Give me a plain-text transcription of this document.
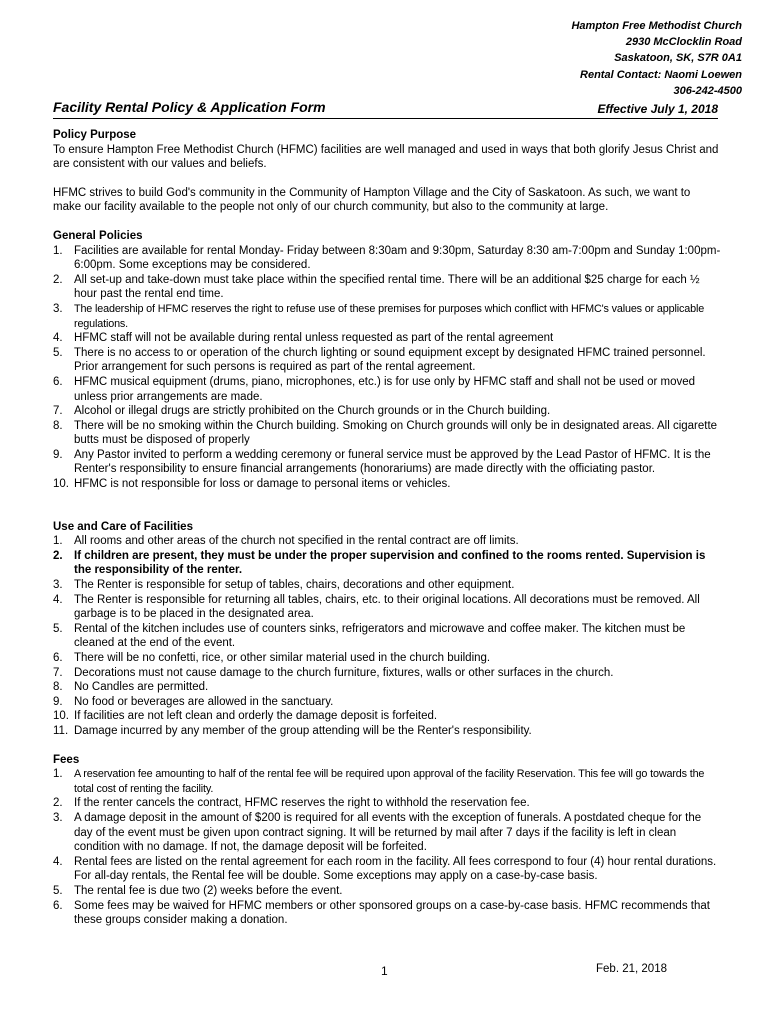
Hampton Free Methodist Church
2930 McClocklin Road
Saskatoon, SK, S7R 0A1
Rental Contact: Naomi Loewen
306-242-4500
Facility Rental Policy & Application Form	Effective July 1, 2018

Policy Purpose

To ensure Hampton Free Methodist Church (HFMC) facilities are well managed and used in ways that both glorify Jesus Christ and are consistent with our values and beliefs.

HFMC strives to build God's community in the Community of Hampton Village and the City of Saskatoon. As such, we want to make our facility available to the people not only of our church community, but also to the community at large.

General Policies

1. Facilities are available for rental Monday- Friday between 8:30am and 9:30pm, Saturday 8:30 am-7:00pm and Sunday 1:00pm-6:00pm. Some exceptions may be considered.
2. All set-up and take-down must take place within the specified rental time. There will be an additional $25 charge for each ½ hour past the rental end time.
3. The leadership of HFMC reserves the right to refuse use of these premises for purposes which conflict with HFMC's values or applicable regulations.
4. HFMC staff will not be available during rental unless requested as part of the rental agreement
5. There is no access to or operation of the church lighting or sound equipment except by designated HFMC trained personnel. Prior arrangement for such persons is required as part of the rental agreement.
6. HFMC musical equipment (drums, piano, microphones, etc.) is for use only by HFMC staff and shall not be used or moved unless prior arrangements are made.
7. Alcohol or illegal drugs are strictly prohibited on the Church grounds or in the Church building.
8. There will be no smoking within the Church building. Smoking on Church grounds will only be in designated areas. All cigarette butts must be disposed of properly
9. Any Pastor invited to perform a wedding ceremony or funeral service must be approved by the Lead Pastor of HFMC. It is the Renter's responsibility to ensure financial arrangements (honorariums) are made directly with the officiating pastor.
10. HFMC is not responsible for loss or damage to personal items or vehicles.

Use and Care of Facilities

1. All rooms and other areas of the church not specified in the rental contract are off limits.
2. If children are present, they must be under the proper supervision and confined to the rooms rented. Supervision is the responsibility of the renter.
3. The Renter is responsible for setup of tables, chairs, decorations and other equipment.
4. The Renter is responsible for returning all tables, chairs, etc. to their original locations. All decorations must be removed. All garbage is to be placed in the designated area.
5. Rental of the kitchen includes use of counters sinks, refrigerators and microwave and coffee maker. The kitchen must be cleaned at the end of the event.
6. There will be no confetti, rice, or other similar material used in the church building.
7. Decorations must not cause damage to the church furniture, fixtures, walls or other surfaces in the church.
8. No Candles are permitted.
9. No food or beverages are allowed in the sanctuary.
10. If facilities are not left clean and orderly the damage deposit is forfeited.
11. Damage incurred by any member of the group attending will be the Renter's responsibility.

Fees

1. A reservation fee amounting to half of the rental fee will be required upon approval of the facility Reservation. This fee will go towards the total cost of renting the facility.
2. If the renter cancels the contract, HFMC reserves the right to withhold the reservation fee.
3. A damage deposit in the amount of $200 is required for all events with the exception of funerals. A postdated cheque for the day of the event must be given upon contract signing. It will be returned by mail after 7 days if the facility is left in clean condition with no damage. If not, the damage deposit will be forfeited.
4. Rental fees are listed on the rental agreement for each room in the facility. All fees correspond to four (4) hour rental durations. For all-day rentals, the Rental fee will be double. Some exceptions may apply on a case-by-case basis.
5. The rental fee is due two (2) weeks before the event.
6. Some fees may be waived for HFMC members or other sponsored groups on a case-by-case basis. HFMC recommends that these groups consider making a donation.
1	Feb. 21, 2018
